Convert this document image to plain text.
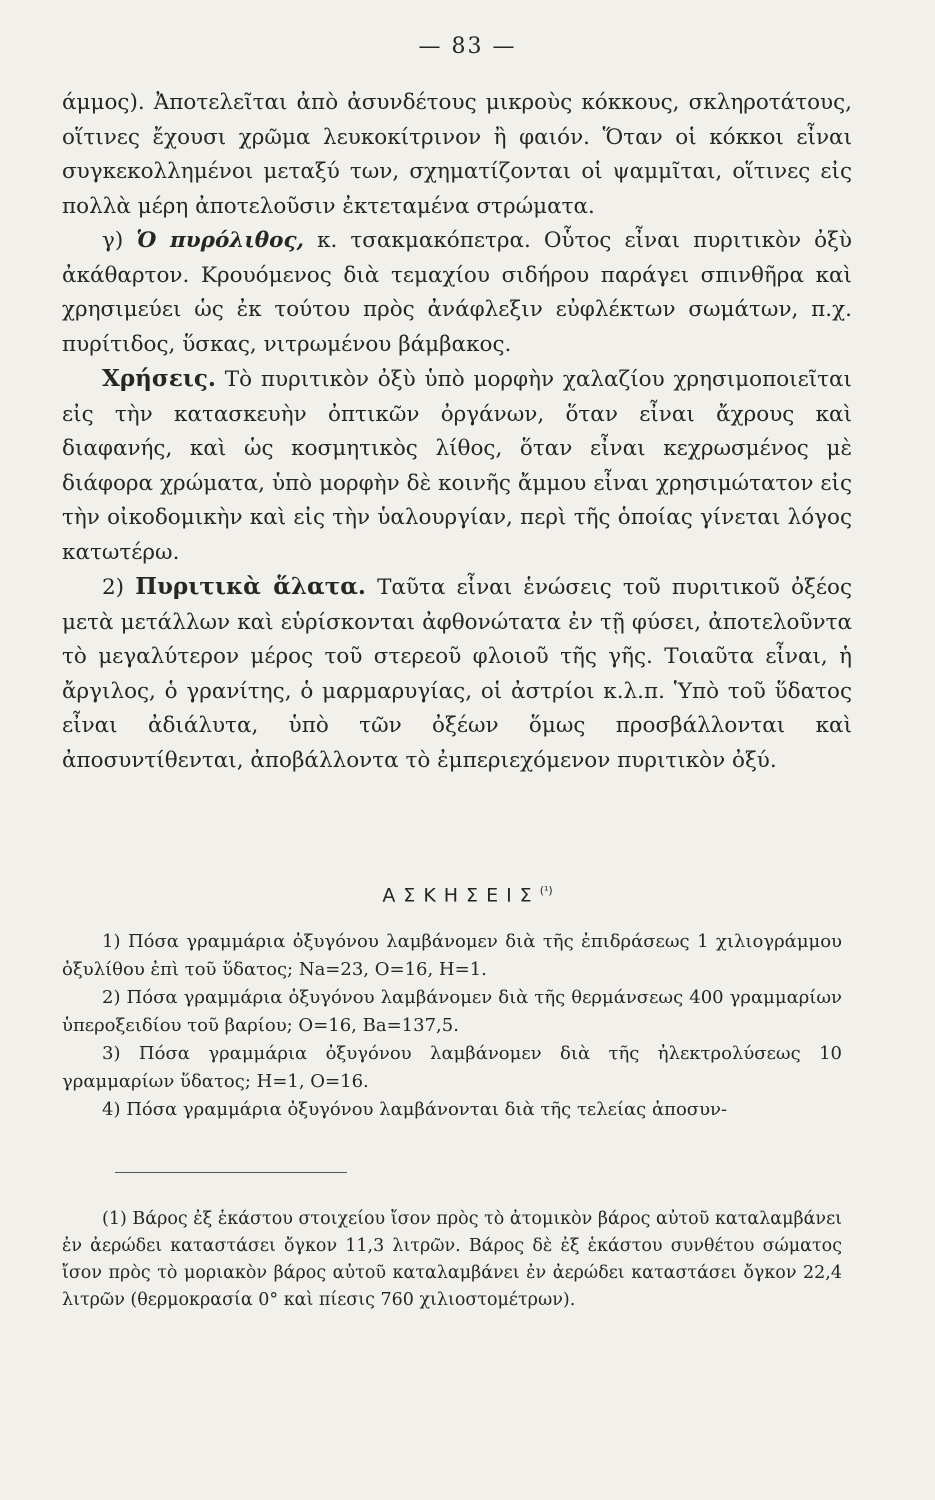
— 83 —

άμμος). Ἀποτελεῖται ἀπὸ ἀσυνδέτους μικροὺς κόκκους, σκληροτάτους, οἵτινες ἔχουσι χρῶμα λευκοκίτρινον ἢ φαιόν. Ὅταν οἱ κόκκοι εἶναι συγκεκολλημένοι μεταξύ των, σχηματίζονται οἱ ψαμμῖται, οἵτινες εἰς πολλὰ μέρη ἀποτελοῦσιν ἐκτεταμένα στρώματα.

γ) Ὁ πυρόλιθος, κ. τσακμακόπετρα. Οὗτος εἶναι πυριτικὸν ὀξὺ ἀκάθαρτον. Κρουόμενος διὰ τεμαχίου σιδήρου παράγει σπινθῆρα καὶ χρησιμεύει ὡς ἐκ τούτου πρὸς ἀνάφλεξιν εὐφλέκτων σωμάτων, π.χ. πυρίτιδος, ὕσκας, νιτρωμένου βάμβακος.

Χρήσεις. Τὸ πυριτικὸν ὀξὺ ὑπὸ μορφὴν χαλαζίου χρησιμοποιεῖται εἰς τὴν κατασκευὴν ὀπτικῶν ὀργάνων, ὅταν εἶναι ἄχρους καὶ διαφανής, καὶ ὡς κοσμητικὸς λίθος, ὅταν εἶναι κεχρωσμένος μὲ διάφορα χρώματα, ὑπὸ μορφὴν δὲ κοινῆς ἄμμου εἶναι χρησιμώτατον εἰς τὴν οἰκοδομικὴν καὶ εἰς τὴν ὑαλουργίαν, περὶ τῆς ὁποίας γίνεται λόγος κατωτέρω.

2) Πυριτικὰ ἅλατα. Ταῦτα εἶναι ἑνώσεις τοῦ πυριτικοῦ ὀξέος μετὰ μετάλλων καὶ εὑρίσκονται ἀφθονώτατα ἐν τῇ φύσει, ἀποτελοῦντα τὸ μεγαλύτερον μέρος τοῦ στερεοῦ φλοιοῦ τῆς γῆς. Τοιαῦτα εἶναι, ἡ ἄργιλος, ὁ γρανίτης, ὁ μαρμαρυγίας, οἱ ἀστρίοι κ.λ.π. Ὑπὸ τοῦ ὕδατος εἶναι ἀδιάλυτα, ὑπὸ τῶν ὀξέων ὅμως προσβάλλονται καὶ ἀποσυντίθενται, ἀποβάλλοντα τὸ ἐμπεριεχόμενον πυριτικὸν ὀξύ.

$A\Sigma KH\Sigma EI\Sigma^{(^1)}$

1) Πόσα γραμμάρια ὀξυγόνου λαμβάνομεν διὰ τῆς ἐπιδράσεως 1 χιλιογράμμου ὀξυλίθου ἐπὶ τοῦ ὕδατος; Na=23, O=16, H=1.

2) Πόσα γραμμάρια ὀξυγόνου λαμβάνομεν διὰ τῆς θερμάνσεως 400 γραμμαρίων ὑπεροξειδίου τοῦ βαρίου; O=16, Ba=137,5.

3) Πόσα γραμμάρια ὀξυγόνου λαμβάνομεν διὰ τῆς ἠλεκτρολύσεως 10 γραμμαρίων ὕδατος; H=1, O=16.

4) Πόσα γραμμάρια ὀξυγόνου λαμβάνονται διὰ τῆς τελείας ἀποσυν-

(1) Βάρος ἐξ ἑκάστου στοιχείου ἴσον πρὸς τὸ ἀτομικὸν βάρος αὐτοῦ καταλαμβάνει ἐν ἀερώδει καταστάσει ὄγκον 11,3 λιτρῶν. Βάρος δὲ ἐξ ἑκάστου συνθέτου σώματος ἴσον πρὸς τὸ μοριακὸν βάρος αὐτοῦ καταλαμβάνει ἐν ἀερώδει καταστάσει ὄγκον 22,4 λιτρῶν (θερμοκρασία 0° καὶ πίεσις 760 χιλιοστομέτρων).
